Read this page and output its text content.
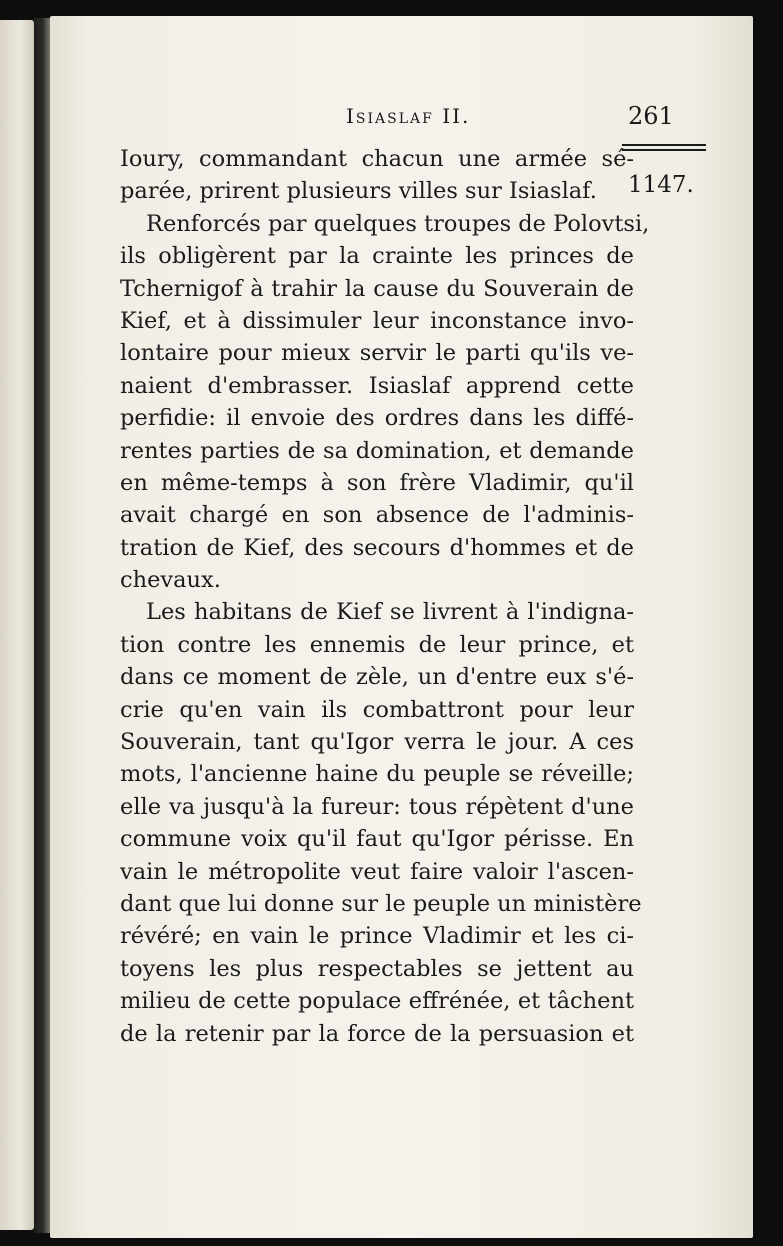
Isiaslaf II.	261
1147.
Ioury, commandant chacun une armée sé-
parée, prirent plusieurs villes sur Isiaslaf.
Renforcés par quelques troupes de Polovtsi,
ils obligèrent par la crainte les princes de
Tchernigof à trahir la cause du Souverain de
Kief, et à dissimuler leur inconstance invo-
lontaire pour mieux servir le parti qu'ils ve-
naient d'embrasser. Isiaslaf apprend cette
perfidie: il envoie des ordres dans les diffé-
rentes parties de sa domination, et demande
en même-temps à son frère Vladimir, qu'il
avait chargé en son absence de l'adminis-
tration de Kief, des secours d'hommes et de
chevaux.
Les habitans de Kief se livrent à l'indigna-
tion contre les ennemis de leur prince, et
dans ce moment de zèle, un d'entre eux s'é-
crie qu'en vain ils combattront pour leur
Souverain, tant qu'Igor verra le jour. A ces
mots, l'ancienne haine du peuple se réveille;
elle va jusqu'à la fureur: tous répètent d'une
commune voix qu'il faut qu'Igor périsse. En
vain le métropolite veut faire valoir l'ascen-
dant que lui donne sur le peuple un ministère
révéré; en vain le prince Vladimir et les ci-
toyens les plus respectables se jettent au
milieu de cette populace effrénée, et tâchent
de la retenir par la force de la persuasion et
